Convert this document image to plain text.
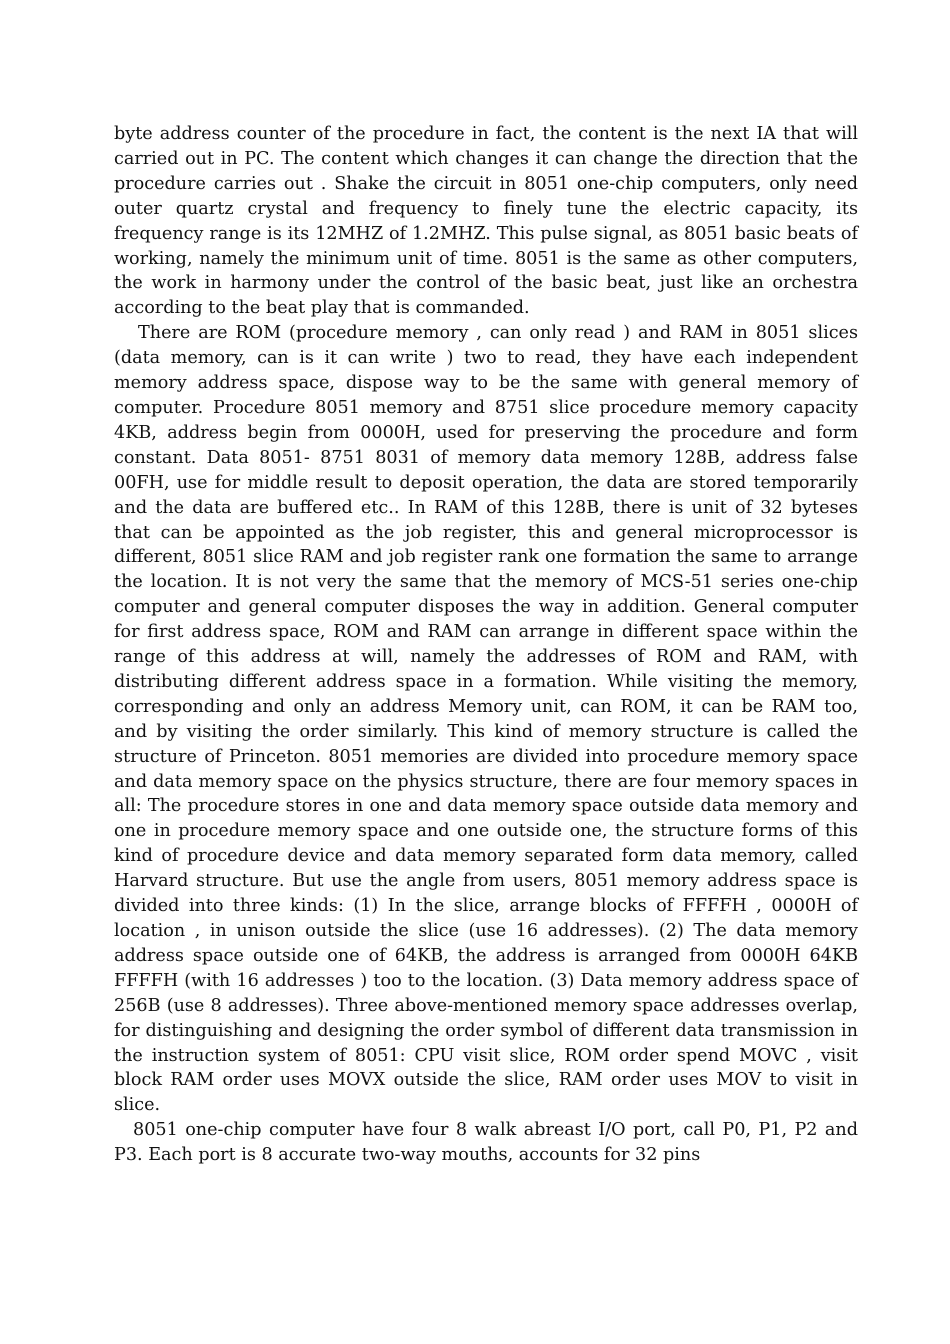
byte address counter of the procedure in fact, the content is the next IA that will carried out in PC. The content which changes it can change the direction that the procedure carries out . Shake the circuit in 8051 one-chip computers, only need outer quartz crystal and frequency to finely tune the electric capacity, its frequency range is its 12MHZ of 1.2MHZ. This pulse signal, as 8051 basic beats of working, namely the minimum unit of time. 8051 is the same as other computers, the work in harmony under the control of the basic beat, just like an orchestra according to the beat play that is commanded.

There are ROM (procedure memory , can only read ) and RAM in 8051 slices (data memory, can is it can write ) two to read, they have each independent memory address space, dispose way to be the same with general memory of computer. Procedure 8051 memory and 8751 slice procedure memory capacity 4KB, address begin from 0000H, used for preserving the procedure and form constant. Data 8051- 8751 8031 of memory data memory 128B, address false 00FH, use for middle result to deposit operation, the data are stored temporarily and the data are buffered etc.. In RAM of this 128B, there is unit of 32 byteses that can be appointed as the job register, this and general microprocessor is different, 8051 slice RAM and job register rank one formation the same to arrange the location. It is not very the same that the memory of MCS-51 series one-chip computer and general computer disposes the way in addition. General computer for first address space, ROM and RAM can arrange in different space within the range of this address at will, namely the addresses of ROM and RAM, with distributing different address space in a formation. While visiting the memory, corresponding and only an address Memory unit, can ROM, it can be RAM too, and by visiting the order similarly. This kind of memory structure is called the structure of Princeton. 8051 memories are divided into procedure memory space and data memory space on the physics structure, there are four memory spaces in all: The procedure stores in one and data memory space outside data memory and one in procedure memory space and one outside one, the structure forms of this kind of procedure device and data memory separated form data memory, called Harvard structure. But use the angle from users, 8051 memory address space is divided into three kinds: (1) In the slice, arrange blocks of FFFFH , 0000H of location , in unison outside the slice (use 16 addresses). (2) The data memory address space outside one of 64KB, the address is arranged from 0000H 64KB FFFFH (with 16 addresses ) too to the location. (3) Data memory address space of 256B (use 8 addresses). Three above-mentioned memory space addresses overlap, for distinguishing and designing the order symbol of different data transmission in the instruction system of 8051: CPU visit slice, ROM order spend MOVC , visit block RAM order uses MOVX outside the slice, RAM order uses MOV to visit in slice.

8051 one-chip computer have four 8 walk abreast I/O port, call P0, P1, P2 and P3. Each port is 8 accurate two-way mouths, accounts for 32 pins
